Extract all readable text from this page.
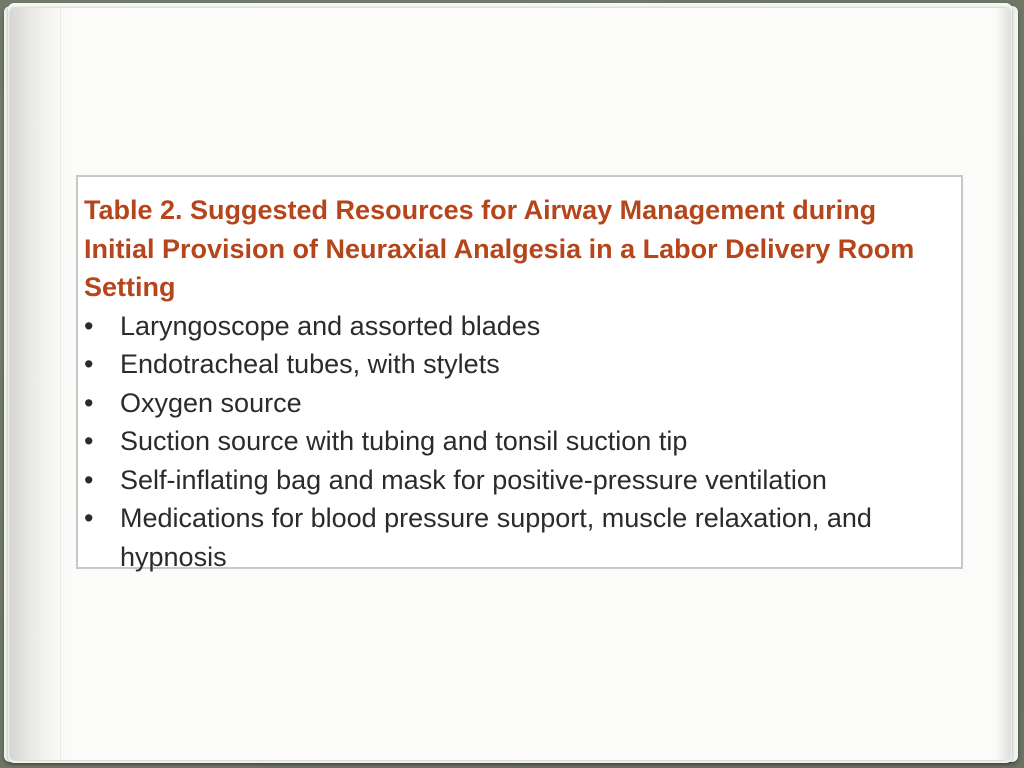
Table 2. Suggested Resources for Airway Management during Initial Provision of Neuraxial Analgesia in a Labor Delivery Room Setting

• Laryngoscope and assorted blades
• Endotracheal tubes, with stylets
• Oxygen source
• Suction source with tubing and tonsil suction tip
• Self-inflating bag and mask for positive-pressure ventilation
• Medications for blood pressure support, muscle relaxation, and hypnosis
